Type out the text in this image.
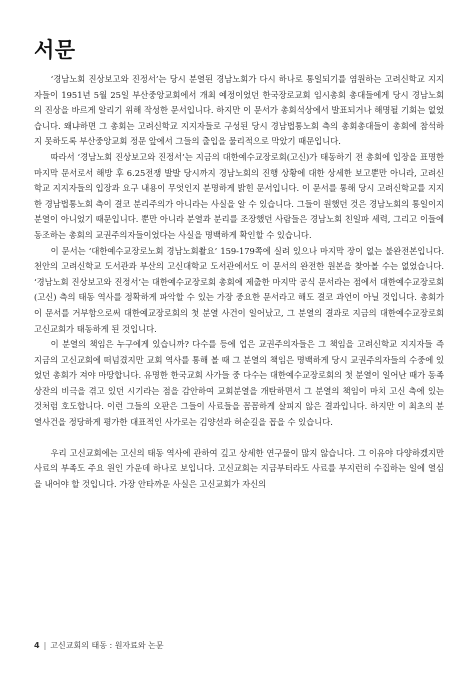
서문

‘경남노회 진상보고와 진정서’는 당시 분열된 경남노회가 다시 하나로 통일되기를 염원하는 고려신학교 지지자들이 1951년 5월 25일 부산중앙교회에서 개최 예정이었던 한국장로교회 임시총회 총대들에게 당시 경남노회의 진상을 바르게 알리기 위해 작성한 문서입니다. 하지만 이 문서가 총회석상에서 발표되거나 해명될 기회는 없었습니다. 왜냐하면 그 총회는 고려신학교 지지자들로 구성된 당시 경남법통노회 측의 총회총대들이 총회에 참석하지 못하도록 부산중앙교회 정문 앞에서 그들의 출입을 물리적으로 막았기 때문입니다.

따라서 ‘경남노회 진상보고와 진정서’는 지금의 대한예수교장로회(고신)가 태동하기 전 총회에 입장을 표명한 마지막 문서로서 해방 후 6.25전쟁 발발 당시까지 경남노회의 진행 상황에 대한 상세한 보고뿐만 아니라, 고려신학교 지지자들의 입장과 요구 내용이 무엇인지 분명하게 밝힌 문서입니다. 이 문서를 통해 당시 고려신학교를 지지한 경남법통노회 측이 결코 분리주의가 아니라는 사실을 알 수 있습니다. 그들이 원했던 것은 경남노회의 통일이지 분열이 아니었기 때문입니다. 뿐만 아니라 분열과 분리를 조장했던 사람들은 경남노회 친일파 세력, 그리고 이들에 동조하는 총회의 교권주의자들이었다는 사실을 명백하게 확인할 수 있습니다.

이 문서는 ‘대한예수교장로노회 경남노회촬요’ 159-179쪽에 실려 있으나 마지막 장이 없는 불완전본입니다. 천안의 고려신학교 도서관과 부산의 고신대학교 도서관에서도 이 문서의 완전한 원본을 찾아볼 수는 없었습니다. ‘경남노회 진상보고와 진정서’는 대한예수교장로회 총회에 제출한 마지막 공식 문서라는 점에서 대한예수교장로회(고신) 측의 태동 역사를 정확하게 파악할 수 있는 가장 중요한 문서라고 해도 결코 과언이 아닐 것입니다. 총회가 이 문서를 거부함으로써 대한예교장로회의 첫 분열 사건이 일어났고, 그 분열의 결과로 지금의 대한예수교장로회 고신교회가 태동하게 된 것입니다.

이 분열의 책임은 누구에게 있습니까? 다수를 등에 업은 교권주의자들은 그 책임을 고려신학교 지지자들 즉 지금의 고신교회에 떠넘겼지만 교회 역사를 통해 볼 때 그 분열의 책임은 명백하게 당시 교권주의자들의 수중에 있었던 총회가 져야 마땅합니다. 유명한 한국교회 사가들 중 다수는 대한예수교장로회의 첫 분열이 일어난 때가 동족상잔의 비극을 겪고 있던 시기라는 점을 감안하여 교회분열을 개탄하면서 그 분열의 책임이 마치 고신 측에 있는 것처럼 호도합니다. 이런 그들의 오판은 그들이 사료들을 꼼꼼하게 살피지 않은 결과입니다. 하지만 이 최초의 분열사건을 정당하게 평가한 대표적인 사가로는 김양선과 허순길을 꼽을 수 있습니다.

우리 고신교회에는 고신의 태동 역사에 관하여 깊고 상세한 연구물이 많지 않습니다. 그 이유야 다양하겠지만 사료의 부족도 주요 원인 가운데 하나로 보입니다. 고신교회는 지금부터라도 사료를 부지런히 수집하는 일에 열심을 내어야 할 것입니다. 가장 안타까운 사실은 고신교회가 자신의

4 | 고신교회의 태동 : 원자료와 논문
